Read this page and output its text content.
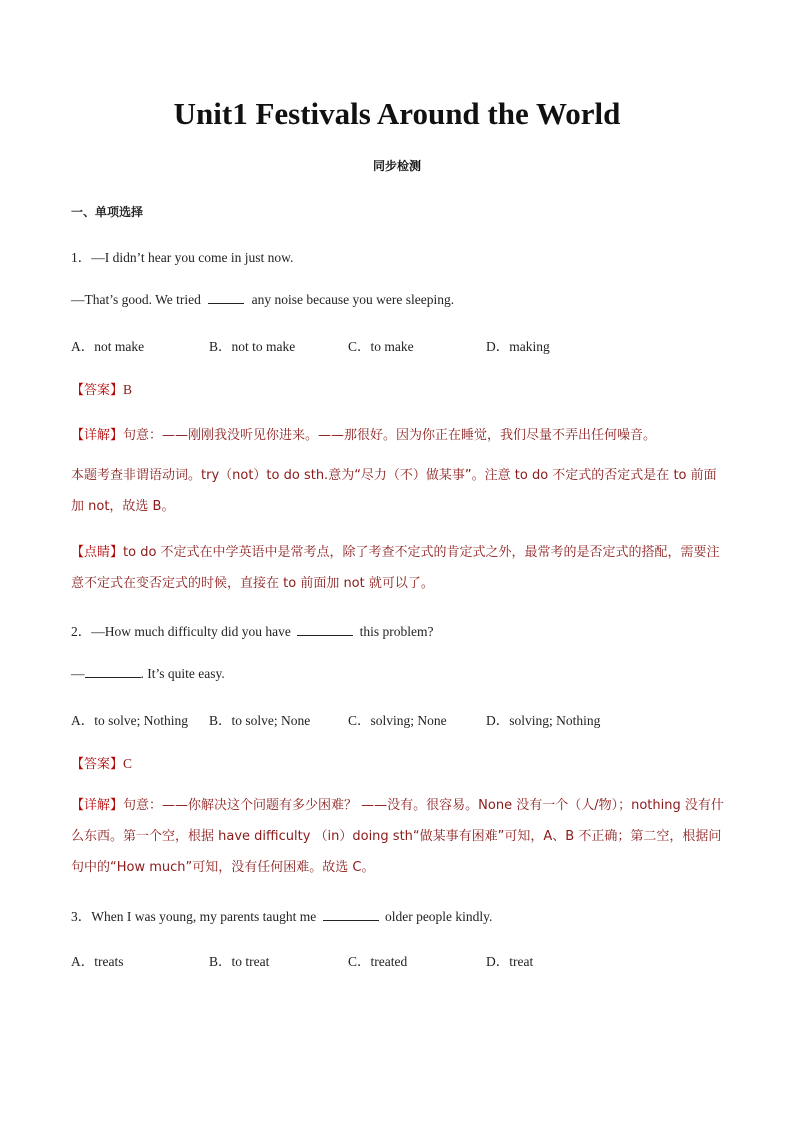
Unit1 Festivals Around the World
同步检测
一、单项选择
1．—I didn’t hear you come in just now.
—That’s good. We tried	any noise because you were sleeping.
A．not make	B．not to make	C．to make	D．making
【答案】B
【详解】句意：——刚刚我没听见你进来。——那很好。因为你正在睡觉，我们尽量不弄出任何噪音。
本题考查非谓语动词。try（not）to do sth.意为“尽力（不）做某事”。注意 to do 不定式的否定式是在 to 前面加 not，故选 B。
【点睛】to do 不定式在中学英语中是常考点，除了考查不定式的肯定式之外，最常考的是否定式的搭配，需要注意不定式在变否定式的时候，直接在 to 前面加 not 就可以了。
2．—How much difficulty did you have	this problem?
—	. It’s quite easy.
A．to solve; Nothing B．to solve; None	C．solving; None	D．solving; Nothing
【答案】C
【详解】句意：——你解决这个问题有多少困难？ ——没有。很容易。None 没有一个（人/物）；nothing 没有什么东西。第一个空，根据 have difficulty （in）doing sth“做某事有困难”可知，A、B 不正确；第二空，根据问句中的“How much”可知，没有任何困难。故选 C。
3．When I was young, my parents taught me	older people kindly.
A．treats	B．to treat	C．treated	D．treat
